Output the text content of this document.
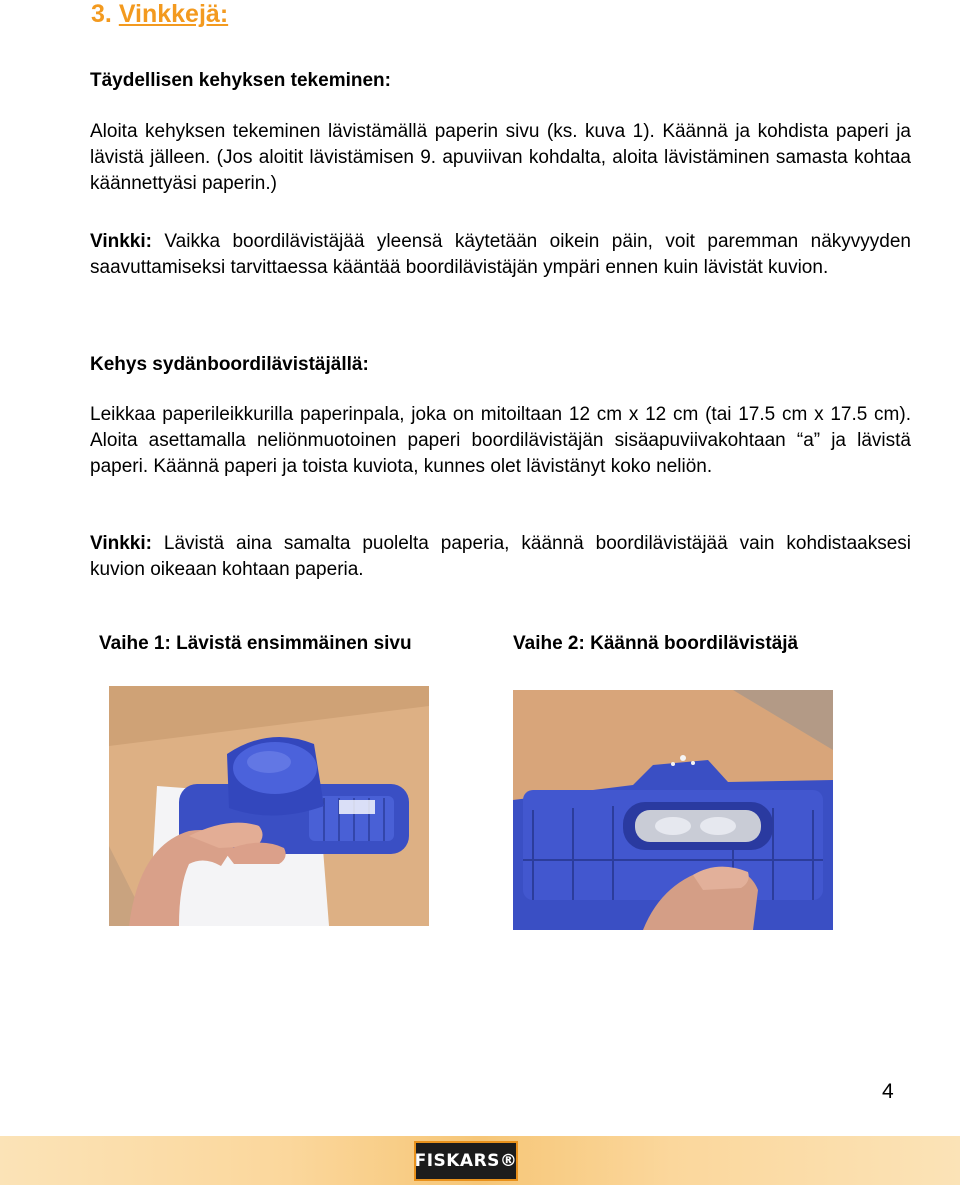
3. Vinkkejä:
Täydellisen kehyksen tekeminen:
Aloita kehyksen tekeminen lävistämällä paperin sivu (ks. kuva 1). Käännä ja kohdista paperi ja lävistä jälleen. (Jos aloitit lävistämisen 9. apuviivan kohdalta, aloita lävistäminen samasta kohtaa käännettyäsi paperin.)
Vinkki: Vaikka boordilävistäjää yleensä käytetään oikein päin, voit paremman näkyvyyden saavuttamiseksi tarvittaessa kääntää boordilävistäjän ympäri ennen kuin lävistät kuvion.
Kehys sydänboordilävistäjällä:
Leikkaa paperileikkurilla paperinpala, joka on mitoiltaan 12 cm x 12 cm (tai 17.5 cm x 17.5 cm). Aloita asettamalla neliönmuotoinen paperi boordilävistäjän sisäapuviivakohtaan “a” ja lävistä paperi. Käännä paperi ja toista kuviota, kunnes olet lävistänyt koko neliön.
Vinkki: Lävistä aina samalta puolelta paperia, käännä boordilävistäjää vain kohdistaaksesi kuvion oikeaan kohtaan paperia.
Vaihe 1: Lävistä ensimmäinen sivu	Vaihe 2: Käännä boordilävistäjä
4
FISKARS®
